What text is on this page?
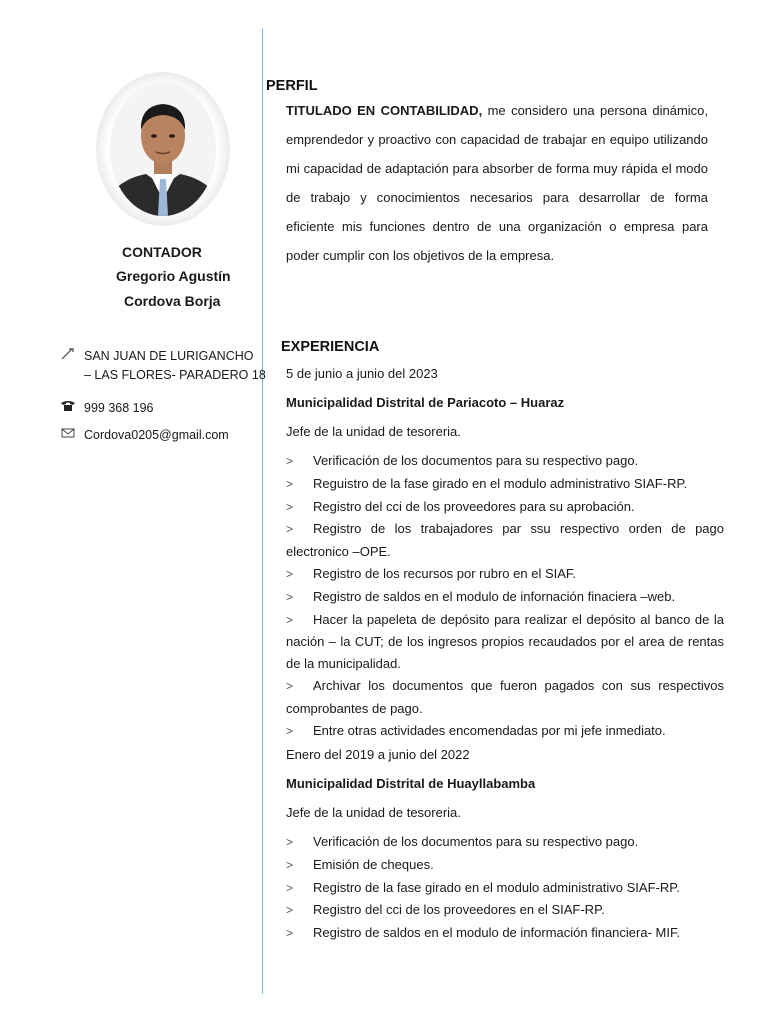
CONTADOR
Gregorio Agustín
Cordova Borja
SAN JUAN DE LURIGANCHO
– LAS FLORES- PARADERO 18
999 368 196
Cordova0205@gmail.com
PERFIL

TITULADO EN CONTABILIDAD, me considero una persona dinámico, emprendedor y proactivo con capacidad de trabajar en equipo utilizando mi capacidad de adaptación para absorber de forma muy rápida el modo de trabajo y conocimientos necesarios para desarrollar de forma eficiente mis funciones dentro de una organización o empresa para poder cumplir con los objetivos de la empresa.

EXPERIENCIA
5 de junio a junio del 2023
Municipalidad Distrital de Pariacoto – Huaraz
Jefe de la unidad de tesoreria.
> Verificación de los documentos para su respectivo pago.
> Reguistro de la fase girado en el modulo administrativo SIAF-RP.
> Registro del cci de los proveedores para su aprobación.
> Registro de los trabajadores par ssu respectivo orden de pago electronico –OPE.
> Registro de los recursos por rubro en el SIAF.
> Registro de saldos en el modulo de infornación finaciera –web.
> Hacer la papeleta de depósito para realizar el depósito al banco de la nación – la CUT; de los ingresos propios recaudados por el area de rentas de la municipalidad.
> Archivar los documentos que fueron pagados con sus respectivos comprobantes de pago.
> Entre otras actividades encomendadas por mi jefe inmediato.
Enero del 2019 a junio del 2022
Municipalidad Distrital de Huayllabamba
Jefe de la unidad de tesoreria.
> Verificación de los documentos para su respectivo pago.
> Emisión de cheques.
> Registro de la fase girado en el modulo administrativo SIAF-RP.
> Registro del cci de los proveedores en el SIAF-RP.
> Registro de saldos en el modulo de información financiera- MIF.
